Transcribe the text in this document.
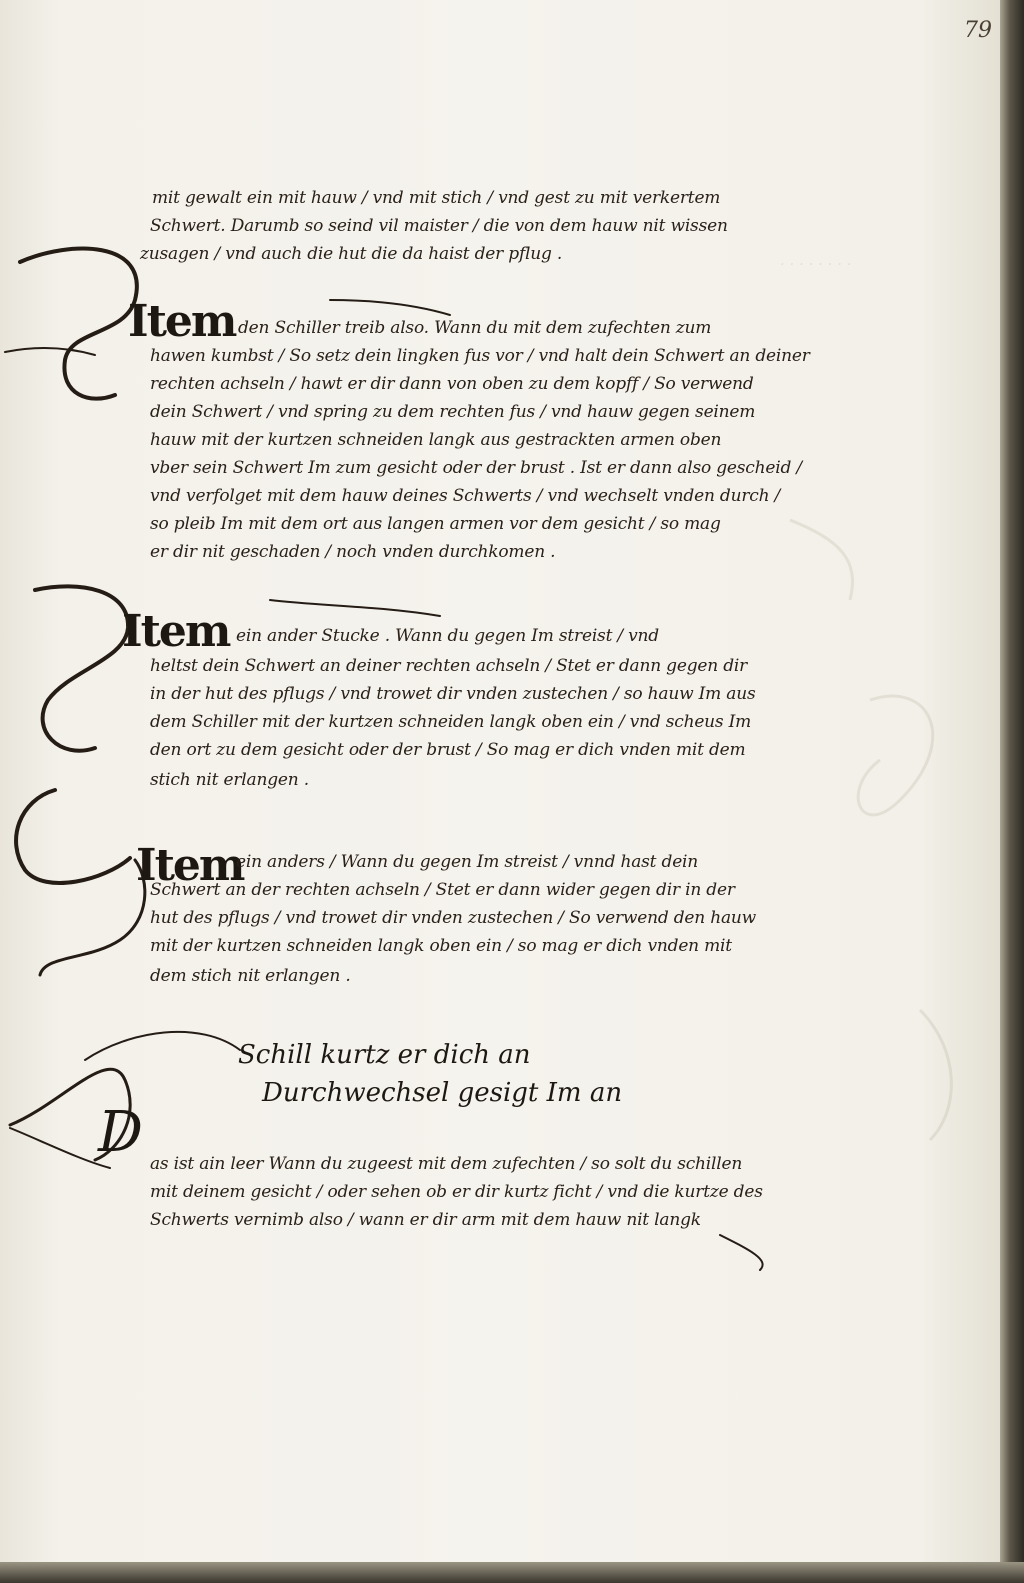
· · · · · · · ·
79
mit gewalt ein mit hauw / vnd mit stich / vnd gest zu mit verkertem
Schwert. Darumb so seind vil maister / die von dem hauw nit wissen
zusagen / vnd auch die hut die da haist der pflug .
Item den Schiller treib also. Wann du mit dem zufechten zum
hawen kumbst / So setz dein lingken fus vor / vnd halt dein Schwert an deiner
rechten achseln / hawt er dir dann von oben zu dem kopff / So verwend
dein Schwert / vnd spring zu dem rechten fus / vnd hauw gegen seinem
hauw mit der kurtzen schneiden langk aus gestrackten armen oben
vber sein Schwert Im zum gesicht oder der brust . Ist er dann also gescheid /
vnd verfolget mit dem hauw deines Schwerts / vnd wechselt vnden durch /
so pleib Im mit dem ort aus langen armen vor dem gesicht / so mag
er dir nit geschaden / noch vnden durchkomen .
Item ein ander Stucke . Wann du gegen Im streist / vnd
heltst dein Schwert an deiner rechten achseln / Stet er dann gegen dir
in der hut des pflugs / vnd trowet dir vnden zustechen / so hauw Im aus
dem Schiller mit der kurtzen schneiden langk oben ein / vnd scheus Im
den ort zu dem gesicht oder der brust / So mag er dich vnden mit dem
stich nit erlangen .
Item
ein anders / Wann du gegen Im streist / vnnd hast dein
Schwert an der rechten achseln / Stet er dann wider gegen dir in der
hut des pflugs / vnd trowet dir vnden zustechen / So verwend den hauw
mit der kurtzen schneiden langk oben ein / so mag er dich vnden mit
dem stich nit erlangen .
Schill kurtz er dich an
Durchwechsel gesigt Im an
D as ist ain leer Wann du zugeest mit dem zufechten / so solt du schillen
mit deinem gesicht / oder sehen ob er dir kurtz ficht / vnd die kurtze des
Schwerts vernimb also / wann er dir arm mit dem hauw nit langk
